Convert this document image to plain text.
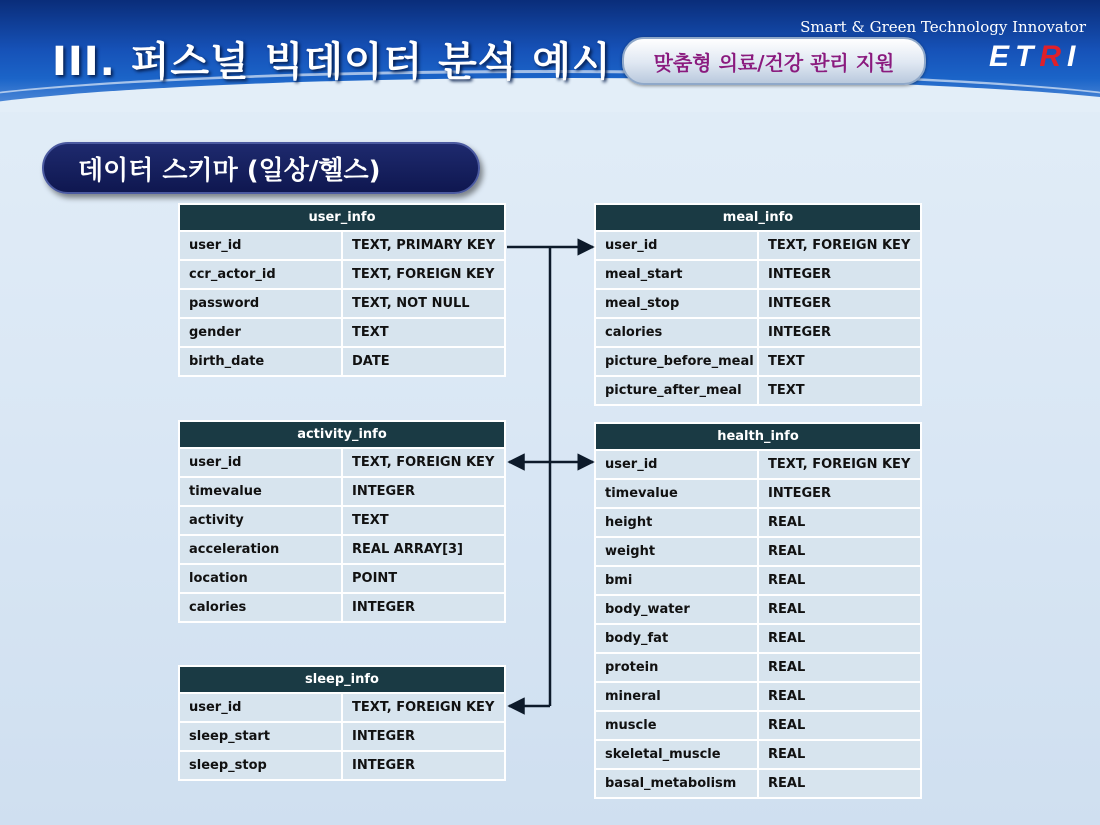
III. 퍼스널 빅데이터 분석 예시
Smart & Green Technology Innovator
맞춤형 의료/건강 관리 지원	ETRI
데이터 스키마 (일상/헬스)
user_info	
user_id	TEXT, PRIMARY KEY
ccr_actor_id	TEXT, FOREIGN KEY
password	TEXT, NOT NULL
gender	TEXT
birth_date	DATE
activity_info	
user_id	TEXT, FOREIGN KEY
timevalue	INTEGER
activity	TEXT
acceleration	REAL ARRAY[3]
location	POINT
calories	INTEGER
sleep_info	
user_id	TEXT, FOREIGN KEY
sleep_start	INTEGER
sleep_stop	INTEGER
meal_info	
user_id	TEXT, FOREIGN KEY
meal_start	INTEGER
meal_stop	INTEGER
calories	INTEGER
picture_before_meal	TEXT
picture_after_meal	TEXT
health_info	
user_id	TEXT, FOREIGN KEY
timevalue	INTEGER
height	REAL
weight	REAL
bmi	REAL
body_water	REAL
body_fat	REAL
protein	REAL
mineral	REAL
muscle	REAL
skeletal_muscle	REAL
basal_metabolism	REAL
